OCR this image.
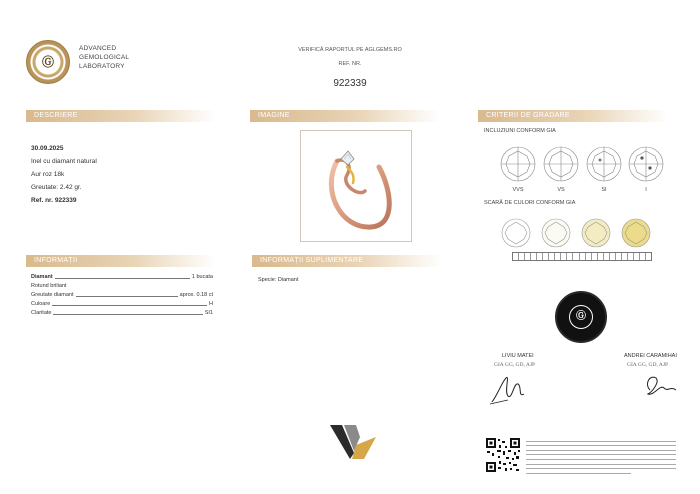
Ⓖ
ADVANCED
GEMOLOGICAL
LABORATORY
VERIFICĂ RAPORTUL PE AGLGEMS.RO
REF. NR.
922339
DESCRIERE	IMAGINE	CRITERII DE GRADARE
INFORMAȚII	INFORMAȚII SUPLIMENTARE
30.09.2025
Inel cu diamant natural
Aur roz 18k
Greutate: 2.42 gr.
Ref. nr. 922339
Diamant	1 bucata
Rotund briliant
Greutate diamant	aprox. 0.18 ct
Culoare	H
Claritate	SI1
Specie: Diamant
INCLUZIUNI CONFORM GIA
VVS	VS	SI	I
SCARĂ DE CULORI CONFORM GIA
Ⓖ
LIVIU MATEI
GIA GG, GD, AJP
ANDREI CARAMIHAI
GIA GG, GD, AJP
